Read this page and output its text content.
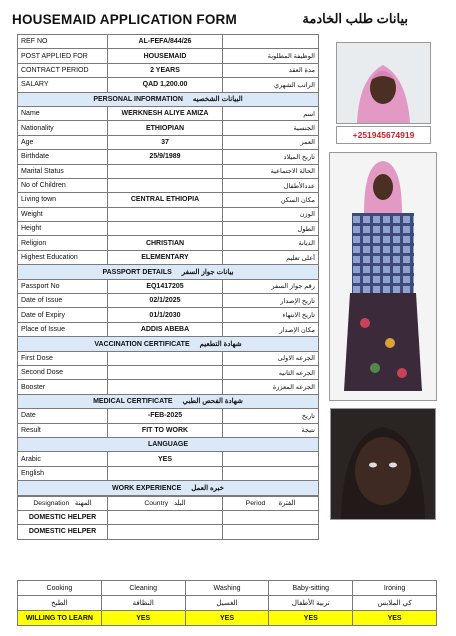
HOUSEMAID APPLICATION FORM	بيانات طلب الخادمة
REF NO	AL-FEFA/844/26	
POST APPLIED FOR	HOUSEMAID	الوظيفة المطلوبة
CONTRACT PERIOD	2 YEARS	مدة العقد
SALARY	QAD 1,200.00	الراتب الشهري
PERSONAL INFORMATION البيانات الشخصيه		
Name	WERKNESH ALIYE AMIZA	اسم
Nationality	ETHIOPIAN	الجنسية
Age	37	العمر
Birthdate	25/9/1989	تاريخ الميلاد
Marital Status		الحالة الاجتماعية
No of Children		عددالأطفال
Living town	CENTRAL ETHIOPIA	مكان السكن
Weight		الوزن
Height		الطول
Religion	CHRISTIAN	الديانة
Highest Education	ELEMENTARY	أعلى تعليم
PASSPORT DETAILS بيانات جواز السفر		
Passport No	EQ1417205	رقم جواز السفر
Date of Issue	02/1/2025	تاريخ الإصدار
Date of Expiry	01/1/2030	تاريخ الانتهاء
Place of Issue	ADDIS ABEBA	مكان الإصدار
VACCINATION CERTIFICATE شهادة التطعيم		
First Dose		الجرعه الاولى
Second Dose		الجرعه الثانيه
Booster		الجرعه المعززة
MEDICAL CERTIFICATE شهادة الفحص الطبي		
Date	-FEB-2025	تاريخ
Result	FIT TO WORK	نتيجة
LANGUAGE		
Arabic	YES	
English		
WORK EXPERIENCE خبره العمل		
Designation المهنة	Country البلد	Period الفترة
DOMESTIC HELPER		
DOMESTIC HELPER		
+251945674919
Cooking	Cleaning	Washing	Baby-sitting	Ironing
الطبخ	النظافة	الغسيل	تربية الأطفال	كي الملابس
WILLING TO LEARN	YES	YES	YES	YES
